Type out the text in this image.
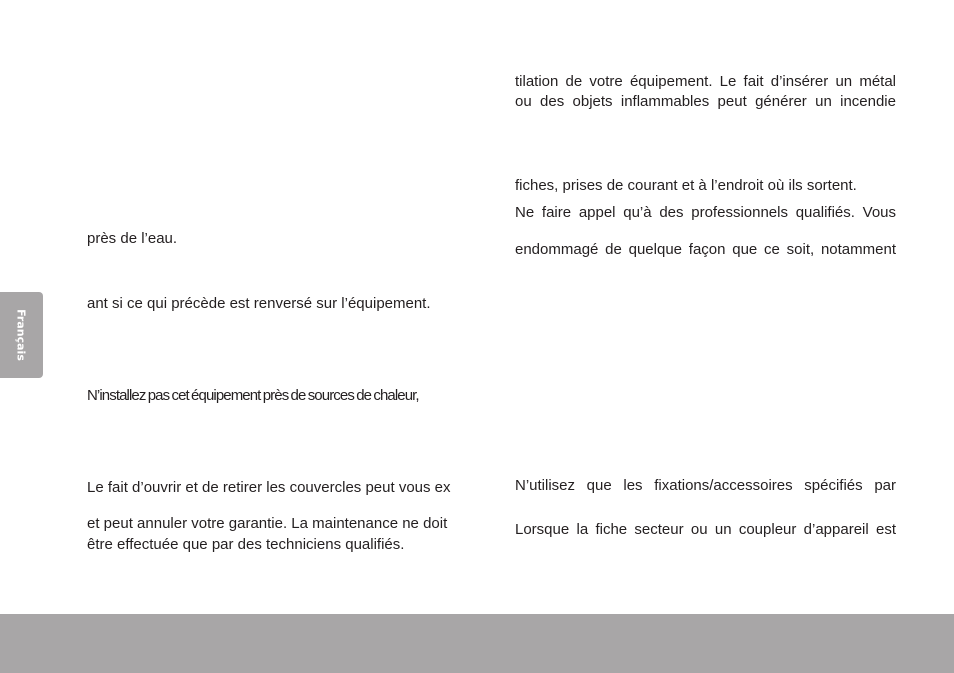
Français
près de l’eau.
ant si ce qui précède est renversé sur l’équipement.
N’installez pas cet équipement près de sources de chaleur,
Le fait d’ouvrir et de retirer les couvercles peut vous ex
et peut annuler votre garantie. La maintenance ne doit
être effectuée que par des techniciens qualifiés.
tilation de votre équipement. Le fait d’insérer un métal
ou des objets inflammables peut générer un incendie
fiches, prises de courant et à l’endroit où ils sortent.
Ne faire appel qu’à des professionnels qualifiés. Vous
endommagé de quelque façon que ce soit, notamment
N’utilisez que les fixations/accessoires spécifiés par
Lorsque la fiche secteur ou un coupleur d’appareil est
